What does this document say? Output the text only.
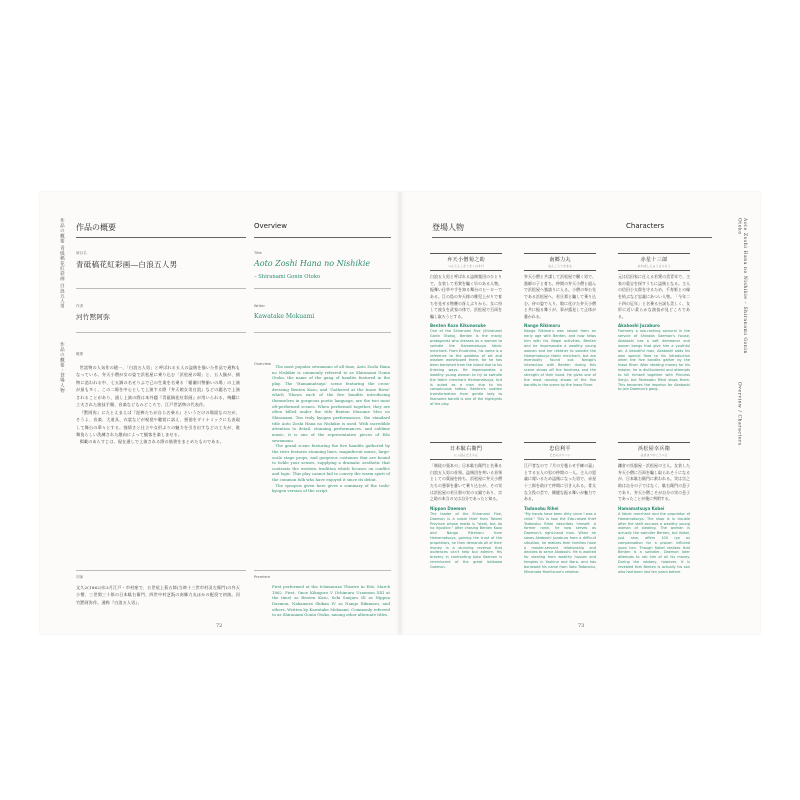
作品の概要 青砥稿花紅彩画 白浪五人男
作品の概要・登場人物
作品の概要	Overview
演目名	Title
青砥稿花紅彩画―白浪五人男	Aoto Zoshi Hana no Nishikie
– Shiranami Gonin Otoko
作者	Writer
河竹黙阿弥	Kawatake Mokuami
概要
Overview

世話物の人気作の随一、「白浪五人男」と呼ばれる五人の盗賊を描いた作品で通称もなっている。弁天小僧が女の姿で浜松屋に乗り込む「浜松屋の場」と、五人揃が、捕物に追われる中、七五調の名せりふで己の生業を名乗る「稲瀬川勢揃いの場」の上演が最も多く、この二場を中心として上演する際『弁天娘女男白浪』などの題名で上演されることがあり、通し上演の際は本外題『青砥稿花紅彩画』が用いられる。絢爛に工夫された演技手順、音楽などもみどころで、江戸世話物の代表作。

『黙阿弥』にたとえまえば『泥棒たちが自ら名乗る』というだけの場面なのだが、そうよ、音楽、大道具、衣裳などが視覚や聴覚に訴え、悪徳をダイナミックにも表現して舞台の華々とする。強情さと仕立や女形ぶりの魅力を引き出すなどの工夫が、歌舞伎らしい洗練された趣向によって観客を楽しませる。

掲載のあらすじは、現在通しで上演される際の筋書をまとめたものである。

The most popular sewamono of all time, Aoto Zoshi Hana no Nishikie is commonly referred to as Shiranami Gonin Otoko, the name of the gang of bandits featured in the play. The 'Hamamatsuya' scene featuring the cross-dressing Benten Kozo, and 'Gathered at the Inase River' which 'Shows each of the five bandits introducing themselves in gorgeous poetic language, are the two most oft-performed scenes. When performed together, they are often billed under the title Benten Musume Meo no Shiranami. Ten truly kyogen performances, the standard title Aoto Zoshi Hana no Nishikie is used. With incredible attention to detail, stunning performances, and sublime music, it is one of the representative pieces of Edo sewamono.

The grand scene featuring the five bandits gathered by the river features stunning lines, magnificent music, large-scale stage props, and gorgeous costumes that are bound to tickle your senses, supplying a dramatic aesthetic that contrasts the western tradition which focuses on conflict and logic. This play cannot fail to convey the warm spirit of the common folk who have enjoyed it since its debut.

The synopsis given here gives a summary of the toshi-kyogen version of the script.

初演	Premiere
文久2(1862)年3月江戸・市村座で、五世尾上菊五郎(当時十三世市村羽左衛門)の弁天小僧、三世関三十郎の日本駄右衛門、四世中村芝翫の南郷力丸ほかの配役で初演。河竹黙阿弥作。通称『白浪五人男』。
First performed at the Ichimuraza Theatre in Edo, March 1862. First, Onoe Kikugoro V (Ichimura Uzaemon XIII at the time) as Benten Kozo, Seki Sanjuro III as Nippon Daemon, Nakamura Shikan IV as Nango Rikimaru, and others. Written by Kawatake Mokuami. Commonly referred to as Shiranami Gonin Otoko, among other alternate titles.
72
登場人物	Characters	Aoto Zoshi Hana no Nishikie – Shiranami Gonin Otoko
Overview / Characters
弁天小僧菊之助
べんてんこぞうきくのすけ
白浪五人男と呼ばれる盗賊集団のひとりで、女装して若衆を騙く早のある人物。振舞い仕草や手を知る舞台のヒーローである。江の島の弁天様の稚児上がりで育ちを見せる物腰の冴えぶりから、女に扮して彼女を武家の体で、浜松屋で百両を騙し取ろうとする。
Benten Kozo Kikunosuke
One of the Shiranami Five (Shiranami Gonin Otoko), Benten is the manly protagonist who dresses as a woman to swindle the Hamamatsuya fabric merchant. From Enoshima, his name is a reference to the goddess of art and wisdom worshipped there, for he has been banished from the island due to his thieving ways. He impersonates a wealthy young woman to try to swindle the fabric merchant Hamamatsuya, but is outed as a man due to his conspicuous tattoo. Benten's sudden transformation from gentle lady to fearsome bandit is one of the highlights of the play.
南郷力丸
なんごうりきまる
弁天小僧と共謀して浜松屋で働く男で、漁師の子と育ち、仲間の弁天小僧と組んで浜松屋へ強請りに入る。小僧の奉公先である浜松屋へ、若旦那と騙して乗り込む。侍の姿で入り、娘に化けた弁天小僧と共に振る舞うが、事が露見して正体が暴かれる。
Nango Rikimaru
Nango Rikimaru was raised from an early age with Benten, and now helps him with his illegal activities. Benten and he impersonate a wealthy young woman and her retainer to swindle the Hamamatsuya fabric merchant, but are eventually found out. Nango's interaction with Benten during this scene shows off the fondness and the strength of their bond. He gives one of the most rousing shows of the five bandits in the scene by the Inase River.
赤星十三郎
あかぼしじゅうざぶろう
元は信田家に仕える若衆の美青年で、主家の重宝を探すうちに盗賊となる。主人の信田小太郎を守るため、千寿姫との縁を結ぶなど忠義にあつい人物。「今年二十四の厄年」と名乗る台詞も美しく、女形に近い柔らかな演技が見どころである。
Akaboshi Juzaburo
Formerly a low-ranking samurai in the service of Shinoda Saemon's house, Akaboshi has a soft demeanor and woven bangs that give him a youthful air. A beautiful man, Akaboshi adds his own special flare to his introduction when the five bandits gather by the Inase River. After stealing money for his master, he is disillusioned and attempts to kill himself together with Princess Senju, but Tadanobu Rihei stops them. This becomes the impetus for Akaboshi to join Daemon's gang.
日本駄右衛門
にっぽんだえもん
「賊徒の張本の」日本駄右衛門と名乗る白浪五人男の首領。盗賊団を率いる首領としての貫禄を持ち、浜松屋に弁天小僧たちの悪事を暴いて乗り込むが、その実は浜松屋の若旦那の実の父親であり、宗之助の本当の父は自分であったと知る。
Nippon Daemon
The leader of the Shiranami Five, Daemon is a noble thief from Totomi Province whose motto is "steal, but do no injustice." After chasing Benten Kozo and Nango Rikimaru from Hamamatsuya, gaining the trust of the proprietors, he then demands all of their money in a stunning reversal that audiences can't help but admire. His bravery in confronting Aoto Saemon is reminiscent of the great Ishikawa Goemon.
忠信利平
ただのぶりへい
江戸者なので『月の方曇らせ手練の裏』とする五人の男の仲間の一人。主人の恩義に報いるため盗賊になった男で、赤星十三郎を助けて仲間に引き入れる。骨太な立役の芸で、剛健な振る舞いが魅力である。
Tadanobu Rihei
"My hands have been dirty since I was a child." This is how the Edo-raised thief Tadanobu Rihei describes himself. A former ronin, he now serves as Daemon's right-hand man. When he saves Akaboshi Juzaburo from a difficult situation, he realizes their families have a master-servant relationship and decides to serve Akaboshi. He is wanted for stealing from wealthy houses and temples in Yoshino and Nara, and has borrowed his name from Sato Tadanobu, Minamoto Yoshitsune's retainer.
浜松屋幸兵衛
はままつやこうべえ
鎌倉の呉服屋・浜松屋の主人。女装した弁天小僧に百両を騙し取られそうになるが、日本駄右衛門に救われる。実は宗之助は自分の子ではなく、駄右衛門の息子であり、弁天小僧こそが自分の実の息子であったことが後に判明する。
Hamamatsuya Kobei
A fabric merchant and the proprietor of Hamamatsuya. The shop is in trouble after the staff accuses a wealthy young woman of stealing. The woman is actually the swindler Benten, but Kobei, just new, offers 100 ryo as compensation for a proven inflicted upon him. Though Kobei realizes that Benten is a swindler, Daemon later attempts to rob him of all his money. During the robbery, however, it is revealed that Benten is actually his son who had been lost ten years before.
73
